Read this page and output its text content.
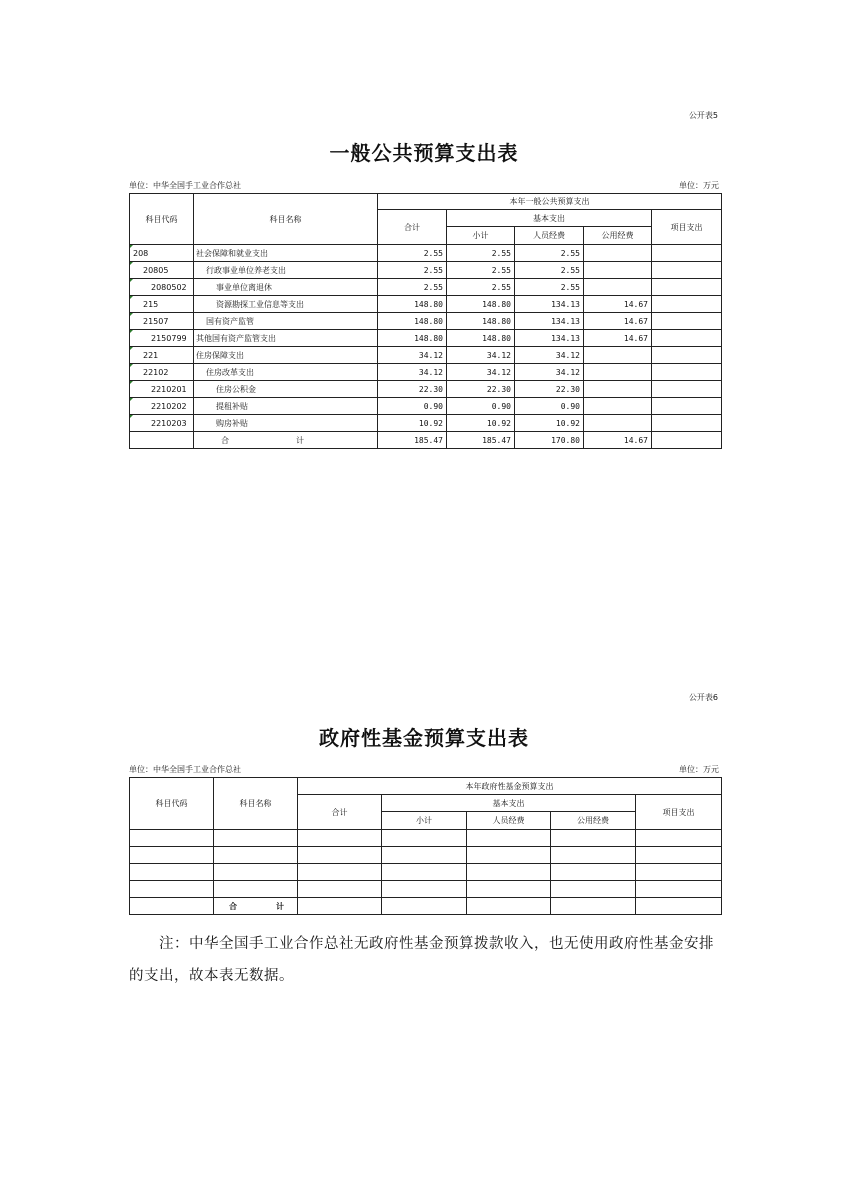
公开表5
一般公共预算支出表
单位：中华全国手工业合作总社	单位：万元
科目代码	科目名称	本年一般公共预算支出				
		合计	基本支出			项目支出
			小计	人员经费	公用经费	
208	社会保障和就业支出	2.55	2.55	2.55		
20805	行政事业单位养老支出	2.55	2.55	2.55		
2080502	事业单位离退休	2.55	2.55	2.55		
215	资源勘探工业信息等支出	148.80	148.80	134.13	14.67	
21507	国有资产监管	148.80	148.80	134.13	14.67	
2150799	其他国有资产监管支出	148.80	148.80	134.13	14.67	
221	住房保障支出	34.12	34.12	34.12		
22102	住房改革支出	34.12	34.12	34.12		
2210201	住房公积金	22.30	22.30	22.30		
2210202	提租补贴	0.90	0.90	0.90		
2210203	购房补贴	10.92	10.92	10.92		

	合 计	185.47	185.47	170.80	14.67	
公开表6
政府性基金预算支出表
单位：中华全国手工业合作总社	单位：万元
科目代码	科目名称	本年政府性基金预算支出				
		合计	基本支出			项目支出
			小计	人员经费	公用经费	

	合 计					

注：中华全国手工业合作总社无政府性基金预算拨款收入，也无使用政府性基金安排的支出，故本表无数据。
